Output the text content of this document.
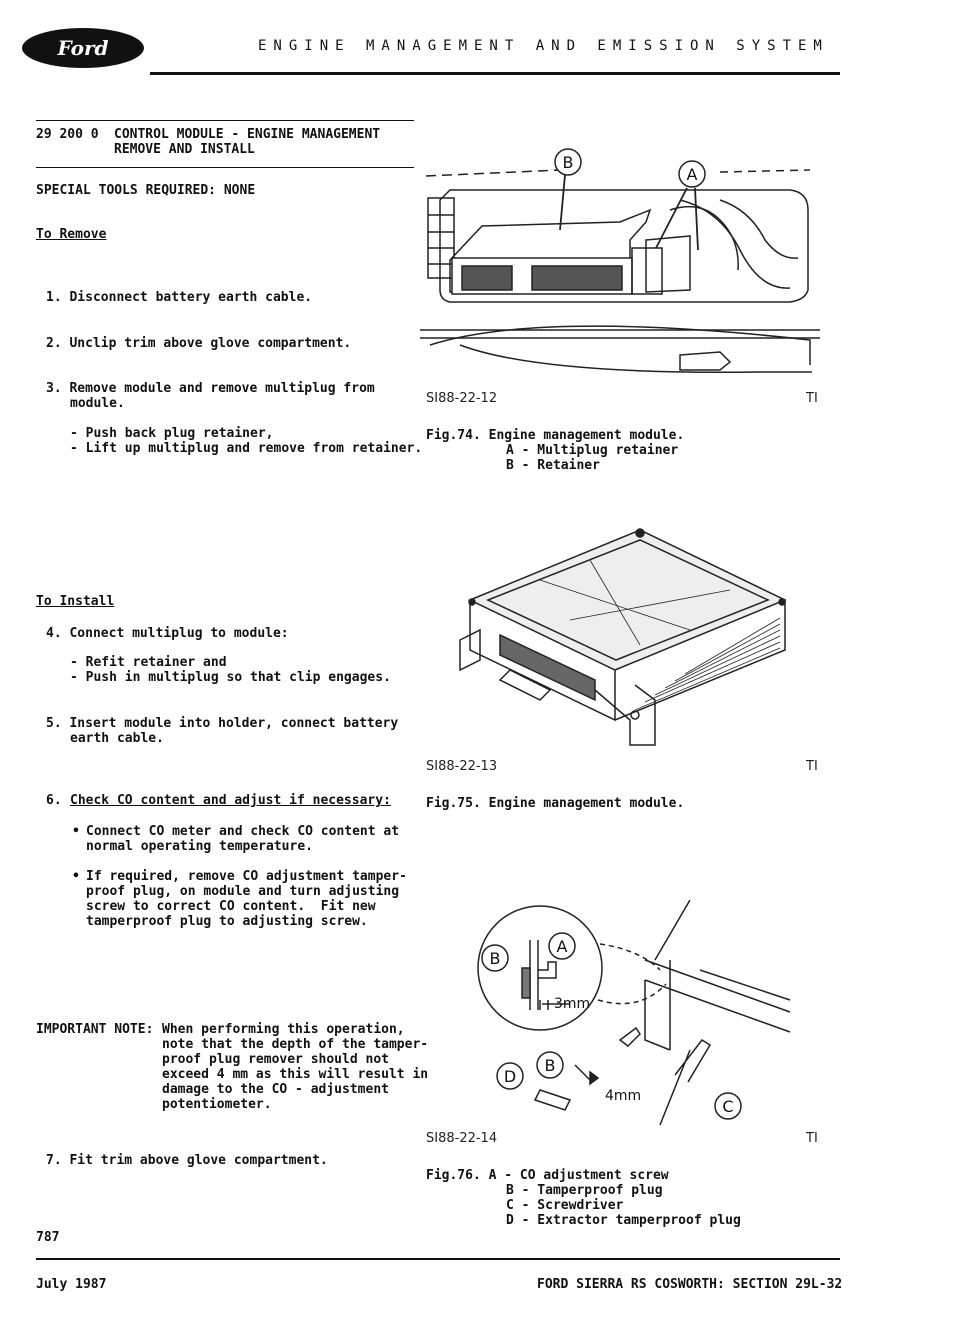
Ford	ENGINE MANAGEMENT AND EMISSION SYSTEM
29 200 0 CONTROL MODULE - ENGINE MANAGEMENT
REMOVE AND INSTALL
SPECIAL TOOLS REQUIRED: NONE
To Remove
1. Disconnect battery earth cable.
2. Unclip trim above glove compartment.
3. Remove module and remove multiplug from
module.
- Push back plug retainer,
- Lift up multiplug and remove from retainer.
To Install
4. Connect multiplug to module:
- Refit retainer and
- Push in multiplug so that clip engages.
5. Insert module into holder, connect battery
earth cable.
6. Check CO content and adjust if necessary:
• Connect CO meter and check CO content at
normal operating temperature.
• If required, remove CO adjustment tamper-
proof plug, on module and turn adjusting
screw to correct CO content.  Fit new
tamperproof plug to adjusting screw.
IMPORTANT NOTE: When performing this operation,
note that the depth of the tamper-
proof plug remover should not
exceed 4 mm as this will result in
damage to the CO - adjustment
potentiometer.
7. Fit trim above glove compartment.
B
A
SI88-22-12	TI
Fig.74. Engine management module.
A - Multiplug retainer
B - Retainer
SI88-22-13	TI
Fig.75. Engine management module.
B
A
B
D
C
3mm
4mm
SI88-22-14	TI
Fig.76. A - CO adjustment screw
B - Tamperproof plug
C - Screwdriver
D - Extractor tamperproof plug
787
July 1987	FORD SIERRA RS COSWORTH: SECTION 29L-32
